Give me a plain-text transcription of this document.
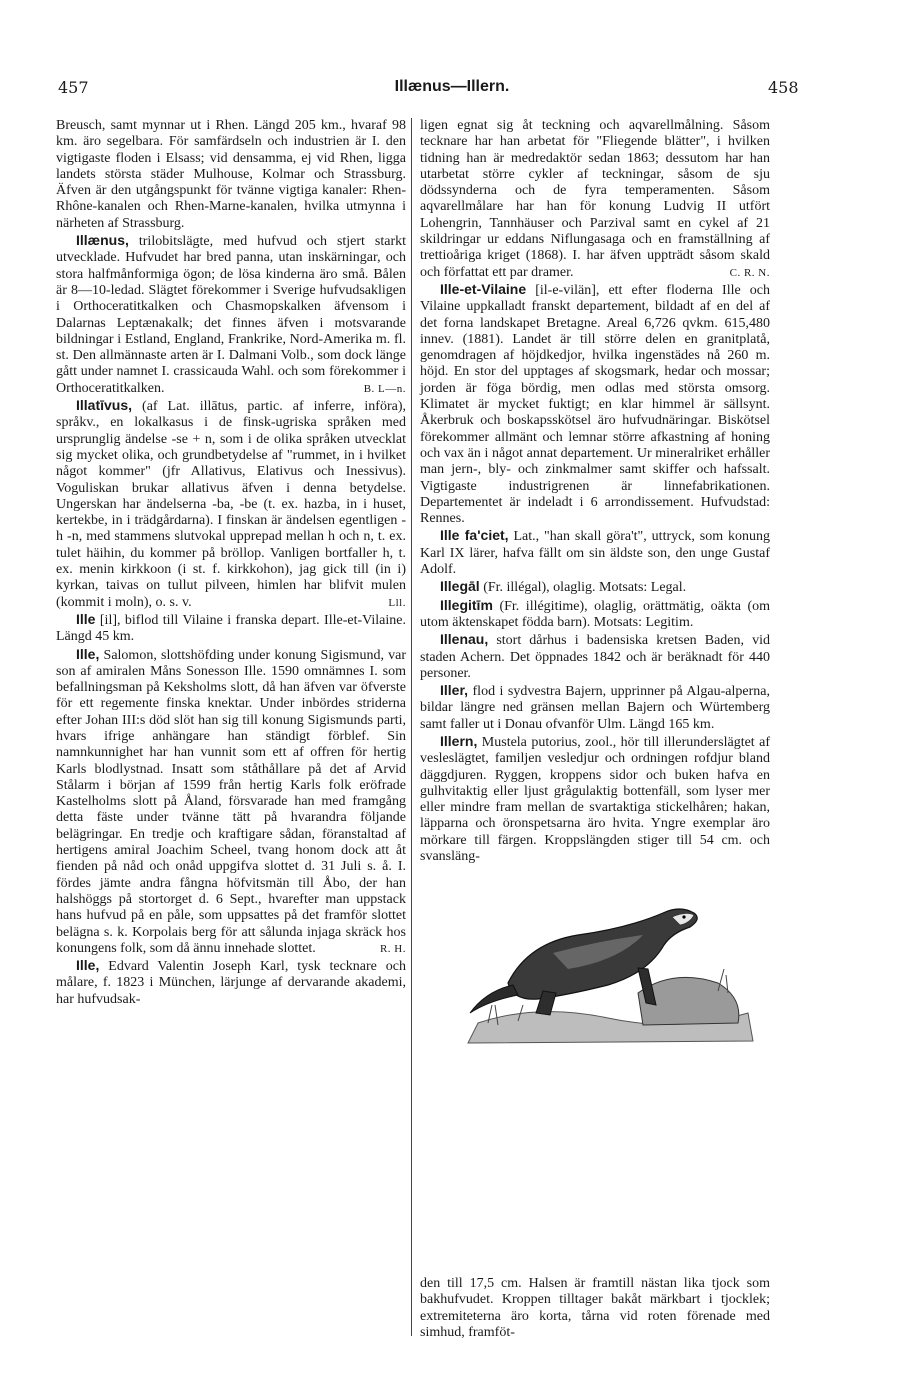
457	Illænus—Illern.	458

Breusch, samt mynnar ut i Rhen. Längd 205 km., hvaraf 98 km. äro segelbara. För samfärdseln och industrien är I. den vigtigaste floden i Elsass; vid densamma, ej vid Rhen, ligga landets största städer Mulhouse, Kolmar och Strassburg. Äfven är den utgångspunkt för tvänne vigtiga kanaler: Rhen-Rhône-kanalen och Rhen-Marne-kanalen, hvilka utmynna i närheten af Strassburg.

Illænus, trilobitslägte, med hufvud och stjert starkt utvecklade. Hufvudet har bred panna, utan inskärningar, och stora halfmånformiga ögon; de lösa kinderna äro små. Bålen är 8—10-ledad. Slägtet förekommer i Sverige hufvudsakligen i Orthoceratitkalken och Chasmopskalken äfvensom i Dalarnas Leptænakalk; det finnes äfven i motsvarande bildningar i Estland, England, Frankrike, Nord-Amerika m. fl. st. Den allmännaste arten är I. Dalmani Volb., som dock länge gått under namnet I. crassicauda Wahl. och som förekommer i Orthoceratitkalken.	B. L—n.

Illatīvus, (af Lat. illātus, partic. af inferre, införa), språkv., en lokalkasus i de finsk-ugriska språken med ursprunglig ändelse -se + n, som i de olika språken utvecklat sig mycket olika, och grundbetydelse af "rummet, in i hvilket något kommer" (jfr Allativus, Elativus och Inessivus). Voguliskan brukar allativus äfven i denna betydelse. Ungerskan har ändelserna -ba, -be (t. ex. hazba, in i huset, kertekbe, in i trädgårdarna). I finskan är ändelsen egentligen -h -n, med stammens slutvokal upprepad mellan h och n, t. ex. tulet häihin, du kommer på bröllop. Vanligen bortfaller h, t. ex. menin kirkkoon (i st. f. kirkkohon), jag gick till (in i) kyrkan, taivas on tullut pilveen, himlen har blifvit mulen (kommit i moln), o. s. v.	Lll.

Ille [il], biflod till Vilaine i franska depart. Ille-et-Vilaine. Längd 45 km.

Ille, Salomon, slottshöfding under konung Sigismund, var son af amiralen Måns Sonesson Ille. 1590 omnämnes I. som befallningsman på Keksholms slott, då han äfven var öfverste för ett regemente finska knektar. Under inbördes striderna efter Johan III:s död slöt han sig till konung Sigismunds parti, hvars ifrige anhängare han ständigt förblef. Sin namnkunnighet har han vunnit som ett af offren för hertig Karls blodlystnad. Insatt som ståthållare på det af Arvid Stålarm i början af 1599 från hertig Karls folk eröfrade Kastelholms slott på Åland, försvarade han med framgång detta fäste under tvänne tätt på hvarandra följande belägringar. En tredje och kraftigare sådan, föranstaltad af hertigens amiral Joachim Scheel, tvang honom dock att åt fienden på nåd och onåd uppgifva slottet d. 31 Juli s. å. I. fördes jämte andra fångna höfvitsmän till Åbo, der han halshöggs på stortorget d. 6 Sept., hvarefter man uppstack hans hufvud på en påle, som uppsattes på det framför slottet belägna s. k. Korpolais berg för att sålunda injaga skräck hos konungens folk, som då ännu innehade slottet.	R. H.

Ille, Edvard Valentin Joseph Karl, tysk tecknare och målare, f. 1823 i München, lärjunge af dervarande akademi, har hufvudsak-

ligen egnat sig åt teckning och aqvarellmålning. Såsom tecknare har han arbetat för "Fliegende blätter", i hvilken tidning han är medredaktör sedan 1863; dessutom har han utarbetat större cykler af teckningar, såsom de sju dödssynderna och de fyra temperamenten. Såsom aqvarellmålare har han för konung Ludvig II utfört Lohengrin, Tannhäuser och Parzival samt en cykel af 21 skildringar ur eddans Niflungasaga och en framställning af trettioåriga kriget (1868). I. har äfven uppträdt såsom skald och författat ett par dramer.	C. R. N.

Ille-et-Vilaine [il-e-vilän], ett efter floderna Ille och Vilaine uppkalladt franskt departement, bildadt af en del af det forna landskapet Bretagne. Areal 6,726 qvkm. 615,480 innev. (1881). Landet är till större delen en granitplatå, genomdragen af höjdkedjor, hvilka ingenstädes nå 260 m. höjd. En stor del upptages af skogsmark, hedar och mossar; jorden är föga bördig, men odlas med största omsorg. Klimatet är mycket fuktigt; en klar himmel är sällsynt. Åkerbruk och boskapsskötsel äro hufvudnäringar. Biskötsel förekommer allmänt och lemnar större afkastning af honing och vax än i något annat departement. Ur mineralriket erhåller man jern-, bly- och zinkmalmer samt skiffer och hafssalt. Vigtigaste industrigrenen är linnefabrikationen. Departementet är indeladt i 6 arrondissement. Hufvudstad: Rennes.

Ille fa'ciet, Lat., "han skall göra't", uttryck, som konung Karl IX lärer, hafva fällt om sin äldste son, den unge Gustaf Adolf.

Illegāl (Fr. illégal), olaglig. Motsats: Legal.

Illegitīm (Fr. illégitime), olaglig, orättmätig, oäkta (om utom äktenskapet födda barn). Motsats: Legitim.

Illenau, stort dårhus i badensiska kretsen Baden, vid staden Achern. Det öppnades 1842 och är beräknadt för 440 personer.

Iller, flod i sydvestra Bajern, upprinner på Algau-alperna, bildar längre ned gränsen mellan Bajern och Würtemberg samt faller ut i Donau ofvanför Ulm. Längd 165 km.

Illern, Mustela putorius, zool., hör till illerunderslägtet af vesleslägtet, familjen vesledjur och ordningen rofdjur bland däggdjuren. Ryggen, kroppens sidor och buken hafva en gulhvitaktig eller ljust grågulaktig bottenfäll, som lyser mer eller mindre fram mellan de svartaktiga stickelhåren; hakan, läpparna och öronspetsarna äro hvita. Yngre exemplar äro mörkare till färgen. Kroppslängden stiger till 54 cm. och svansläng-

den till 17,5 cm. Halsen är framtill nästan lika tjock som bakhufvudet. Kroppen tilltager bakåt märkbart i tjocklek; extremiteterna äro korta, tårna vid roten förenade med simhud, framföt-
